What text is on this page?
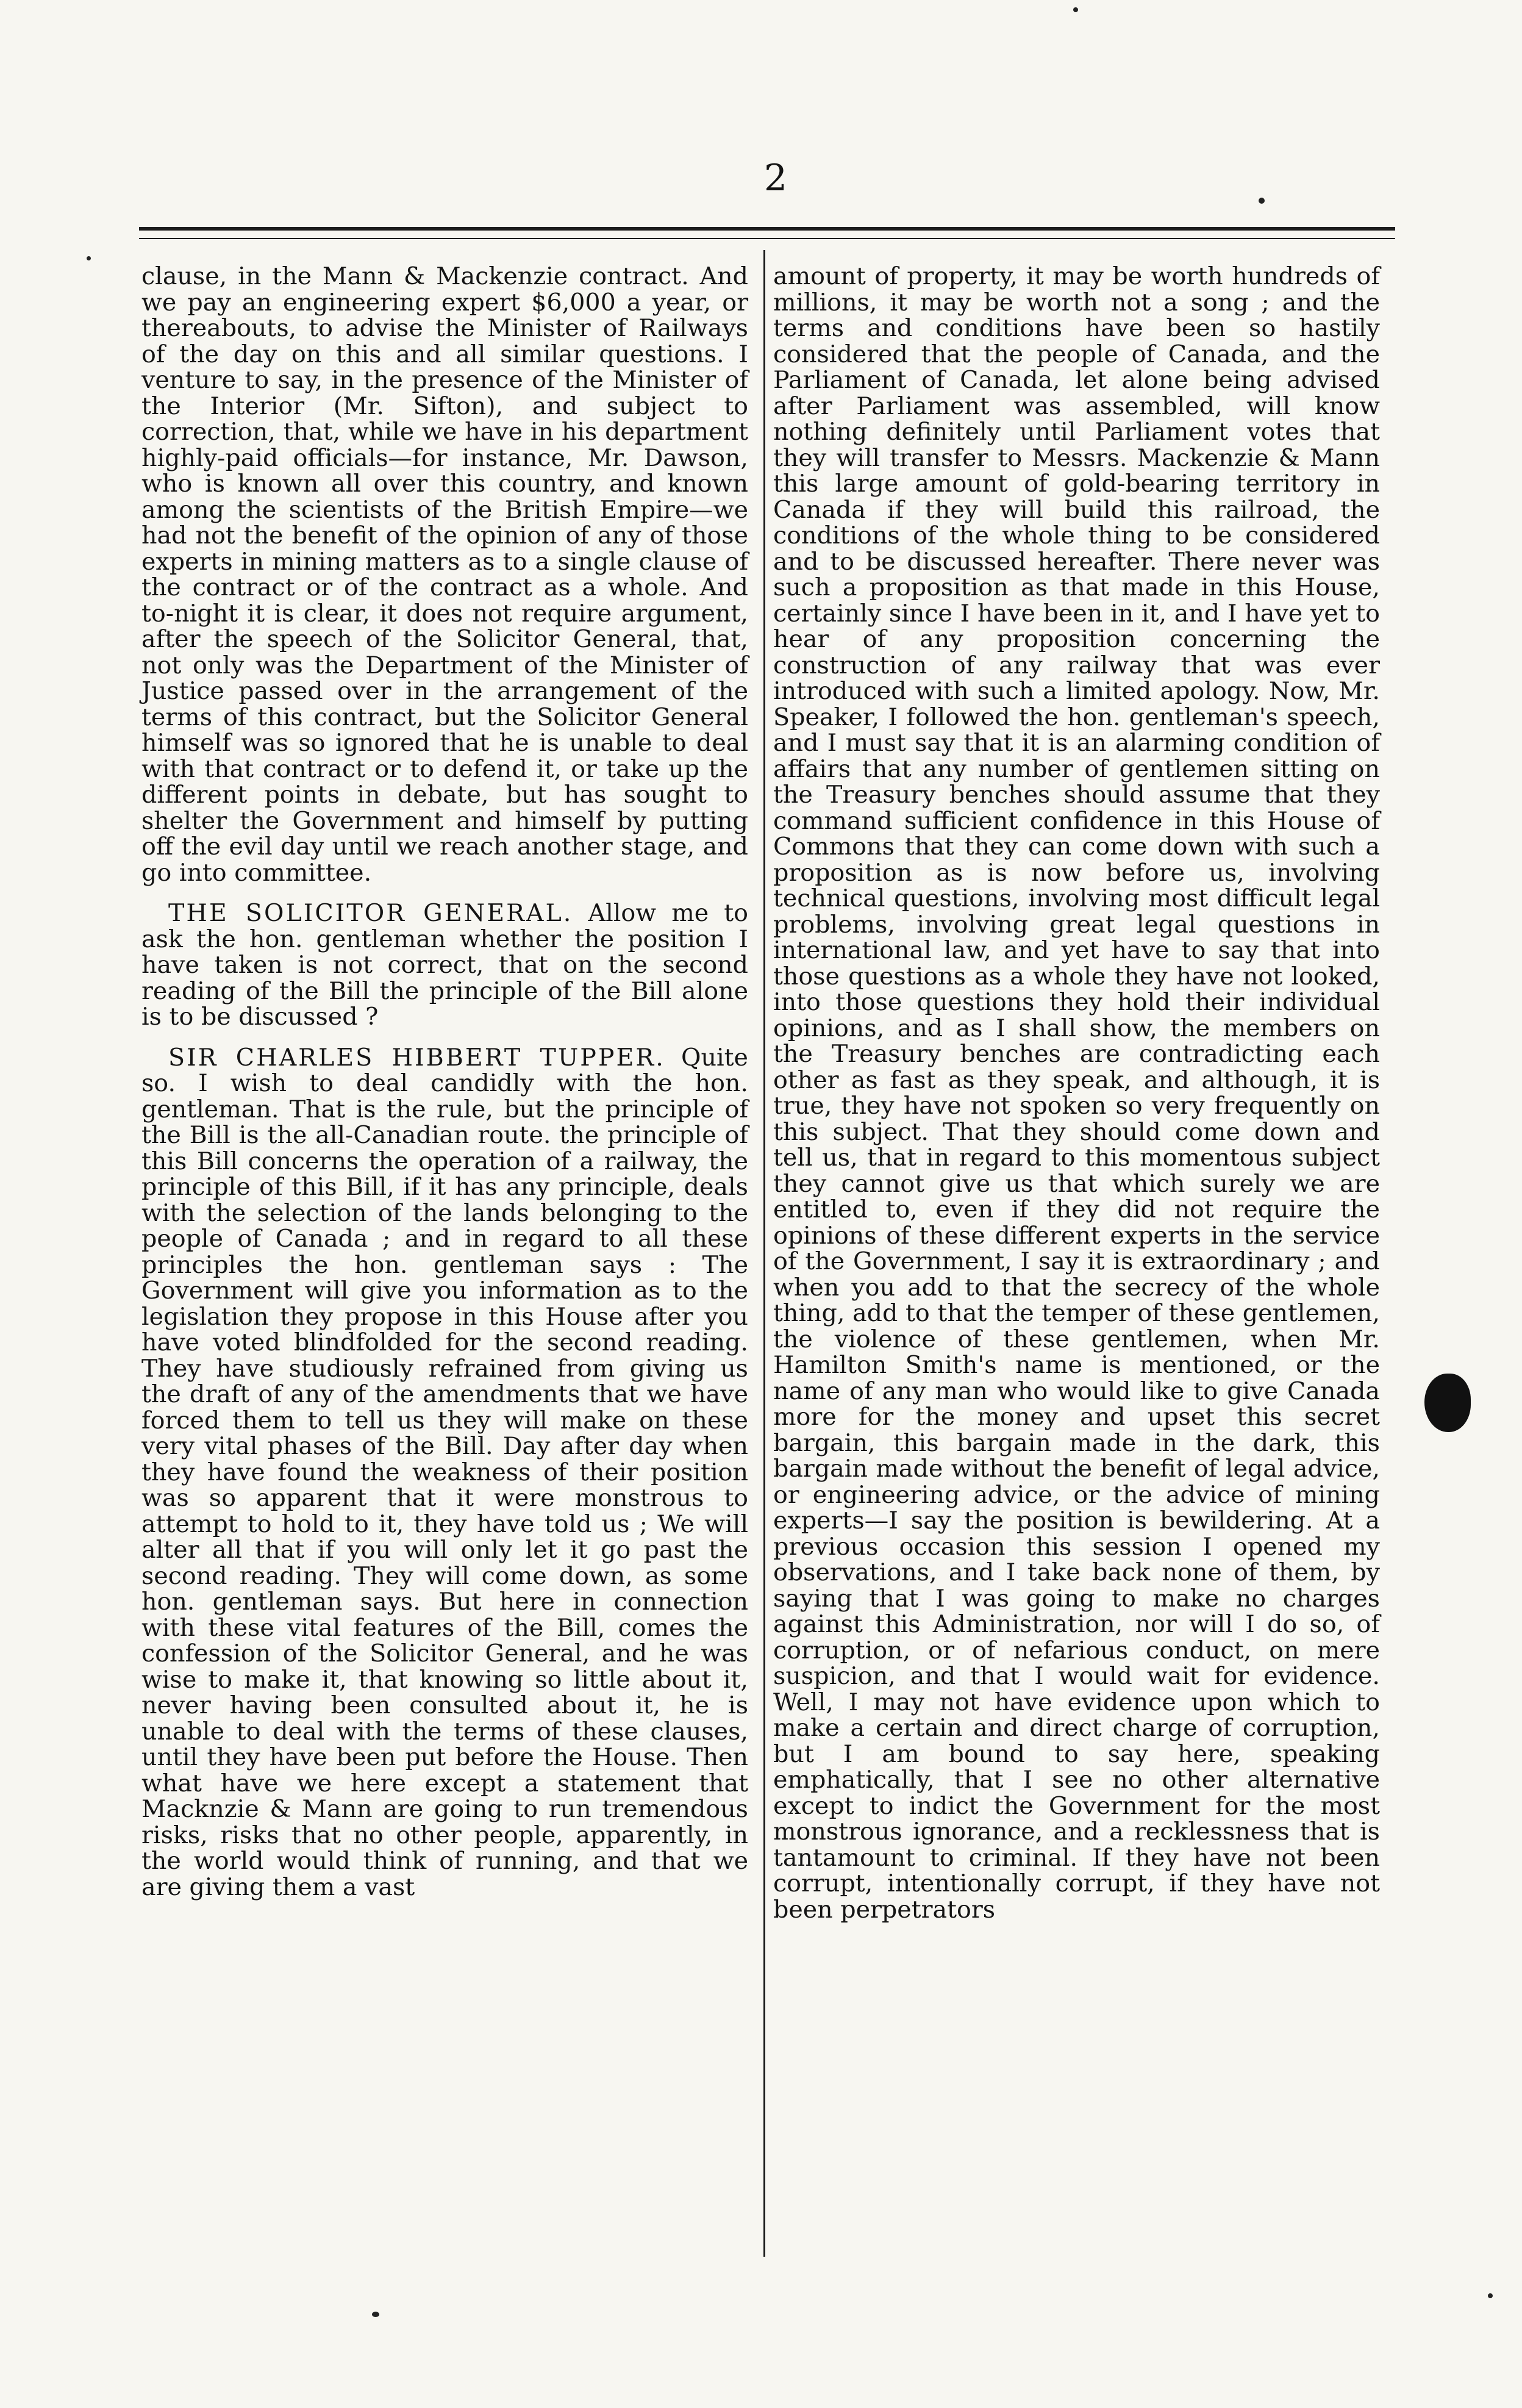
2

clause, in the Mann & Mackenzie contract. And we pay an engineering expert $6,000 a year, or thereabouts, to advise the Minister of Railways of the day on this and all similar questions. I venture to say, in the presence of the Minister of the Interior (Mr. Sifton), and subject to correction, that, while we have in his department highly-paid officials—for instance, Mr. Dawson, who is known all over this country, and known among the scientists of the British Empire—we had not the benefit of the opinion of any of those experts in mining matters as to a single clause of the contract or of the contract as a whole. And to-night it is clear, it does not require argument, after the speech of the Solicitor General, that, not only was the Department of the Minister of Justice passed over in the arrangement of the terms of this contract, but the Solicitor General himself was so ignored that he is unable to deal with that contract or to defend it, or take up the different points in debate, but has sought to shelter the Government and himself by putting off the evil day until we reach another stage, and go into committee.

THE SOLICITOR GENERAL. Allow me to ask the hon. gentleman whether the position I have taken is not correct, that on the second reading of the Bill the principle of the Bill alone is to be discussed ?

SIR CHARLES HIBBERT TUPPER. Quite so. I wish to deal candidly with the hon. gentleman. That is the rule, but the principle of the Bill is the all-Canadian route. the principle of this Bill concerns the operation of a railway, the principle of this Bill, if it has any principle, deals with the selection of the lands belonging to the people of Canada ; and in regard to all these principles the hon. gentleman says : The Government will give you information as to the legislation they propose in this House after you have voted blindfolded for the second reading. They have studiously refrained from giving us the draft of any of the amendments that we have forced them to tell us they will make on these very vital phases of the Bill. Day after day when they have found the weakness of their position was so apparent that it were monstrous to attempt to hold to it, they have told us ; We will alter all that if you will only let it go past the second reading. They will come down, as some hon. gentleman says. But here in connection with these vital features of the Bill, comes the confession of the Solicitor General, and he was wise to make it, that knowing so little about it, never having been consulted about it, he is unable to deal with the terms of these clauses, until they have been put before the House. Then what have we here except a statement that Macknzie & Mann are going to run tremendous risks, risks that no other people, apparently, in the world would think of running, and that we are giving them a vast

amount of property, it may be worth hundreds of millions, it may be worth not a song ; and the terms and conditions have been so hastily considered that the people of Canada, and the Parliament of Canada, let alone being advised after Parliament was assembled, will know nothing definitely until Parliament votes that they will transfer to Messrs. Mackenzie & Mann this large amount of gold-bearing territory in Canada if they will build this railroad, the conditions of the whole thing to be considered and to be discussed hereafter. There never was such a proposition as that made in this House, certainly since I have been in it, and I have yet to hear of any proposition concerning the construction of any railway that was ever introduced with such a limited apology. Now, Mr. Speaker, I followed the hon. gentleman's speech, and I must say that it is an alarming condition of affairs that any number of gentlemen sitting on the Treasury benches should assume that they command sufficient confidence in this House of Commons that they can come down with such a proposition as is now before us, involving technical questions, involving most difficult legal problems, involving great legal questions in international law, and yet have to say that into those questions as a whole they have not looked, into those questions they hold their individual opinions, and as I shall show, the members on the Treasury benches are contradicting each other as fast as they speak, and although, it is true, they have not spoken so very frequently on this subject. That they should come down and tell us, that in regard to this momentous subject they cannot give us that which surely we are entitled to, even if they did not require the opinions of these different experts in the service of the Government, I say it is extraordinary ; and when you add to that the secrecy of the whole thing, add to that the temper of these gentlemen, the violence of these gentlemen, when Mr. Hamilton Smith's name is mentioned, or the name of any man who would like to give Canada more for the money and upset this secret bargain, this bargain made in the dark, this bargain made without the benefit of legal advice, or engineering advice, or the advice of mining experts—I say the position is bewildering. At a previous occasion this session I opened my observations, and I take back none of them, by saying that I was going to make no charges against this Administration, nor will I do so, of corruption, or of nefarious conduct, on mere suspicion, and that I would wait for evidence. Well, I may not have evidence upon which to make a certain and direct charge of corruption, but I am bound to say here, speaking emphatically, that I see no other alternative except to indict the Government for the most monstrous ignorance, and a recklessness that is tantamount to criminal. If they have not been corrupt, intentionally corrupt, if they have not been perpetrators
